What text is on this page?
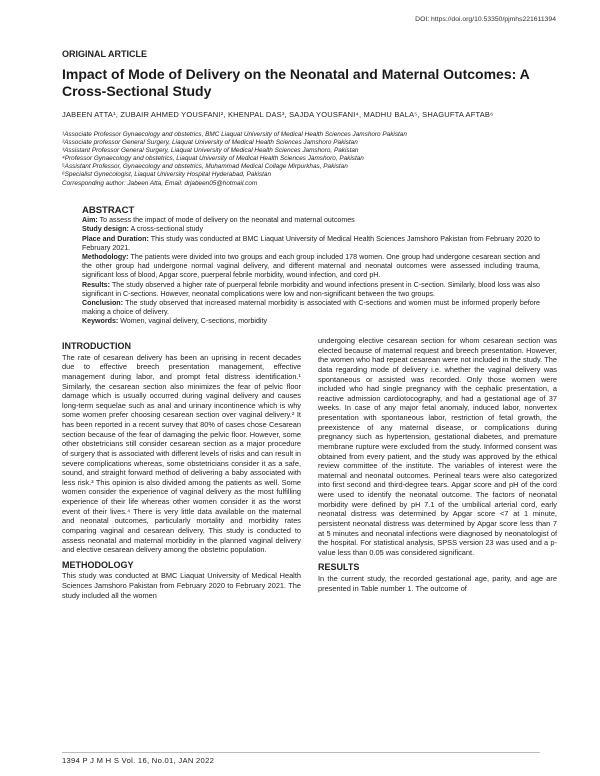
DOI: https://doi.org/10.53350/pjmhs221611394
ORIGINAL ARTICLE
Impact of Mode of Delivery on the Neonatal and Maternal Outcomes: A Cross-Sectional Study
JABEEN ATTA¹, ZUBAIR AHMED YOUSFANI², KHENPAL DAS³, SAJDA YOUSFANI⁴, MADHU BALA⁵, SHAGUFTA AFTAB⁶
¹Associate Professor Gynaecology and obstetrics, BMC Liaquat University of Medical Health Sciences Jamshoro Pakistan
²Associate professor General Surgery, Liaquat University of Medical Health Sciences Jamshoro Pakistan
³Assistant Professor General Surgery, Liaquat University of Medical Health Sciences Jamshoro, Pakistan
⁴Professor Gynaecology and obstetrics, Liaquat University of Medical Health Sciences Jamshoro, Pakistan
⁵Assistant Professor, Gynaecology and obstetrics, Muhammad Medical Collage Mirpurkhas, Pakistan
⁶Specialist Gynecologist, Liaquat University Hospital Hyderabad, Pakistan
Corresponding author: Jabeen Atta, Email: drjabeen05@hotmail.com
ABSTRACT

Aim: To assess the impact of mode of delivery on the neonatal and maternal outcomes

Study design: A cross-sectional study

Place and Duration: This study was conducted at BMC Liaquat University of Medical Health Sciences Jamshoro Pakistan from February 2020 to February 2021.

Methodology: The patients were divided into two groups and each group included 178 women. One group had undergone cesarean section and the other group had undergone normal vaginal delivery, and different maternal and neonatal outcomes were assessed including trauma, significant loss of blood, Apgar score, puerperal febrile morbidity, wound infection, and cord pH.

Results: The study observed a higher rate of puerperal febrile morbidity and wound infections present in C-section. Similarly, blood loss was also significant in C-sections. However, neonatal complications were low and non-significant between the two groups.

Conclusion: The study observed that increased maternal morbidity is associated with C-sections and women must be informed properly before making a choice of delivery.

Keywords: Women, vaginal delivery, C-sections, morbidity

INTRODUCTION

The rate of cesarean delivery has been an uprising in recent decades due to effective breech presentation management, effective management during labor, and prompt fetal distress identification.¹ Similarly, the cesarean section also minimizes the fear of pelvic floor damage which is usually occurred during vaginal delivery and causes long-term sequelae such as anal and urinary incontinence which is why some women prefer choosing cesarean section over vaginal delivery.² It has been reported in a recent survey that 80% of cases chose Cesarean section because of the fear of damaging the pelvic floor. However, some other obstetricians still consider cesarean section as a major procedure of surgery that is associated with different levels of risks and can result in severe complications whereas, some obstetricians consider it as a safe, sound, and straight forward method of delivering a baby associated with less risk.³ This opinion is also divided among the patients as well. Some women consider the experience of vaginal delivery as the most fulfilling experience of their life whereas other women consider it as the worst event of their lives.⁴ There is very little data available on the maternal and neonatal outcomes, particularly mortality and morbidity rates comparing vaginal and cesarean delivery. This study is conducted to assess neonatal and maternal morbidity in the planned vaginal delivery and elective cesarean delivery among the obstetric population.

METHODOLOGY

This study was conducted at BMC Liaquat University of Medical Health Sciences Jamshoro Pakistan from February 2020 to February 2021. The study included all the women

undergoing elective cesarean section for whom cesarean section was elected because of maternal request and breech presentation. However, the women who had repeat cesarean were not included in the study. The data regarding mode of delivery i.e. whether the vaginal delivery was spontaneous or assisted was recorded. Only those women were included who had single pregnancy with the cephalic presentation, a reactive admission cardiotocography, and had a gestational age of 37 weeks. In case of any major fetal anomaly, induced labor, nonvertex presentation with spontaneous labor, restriction of fetal growth, the preexistence of any maternal disease, or complications during pregnancy such as hypertension, gestational diabetes, and premature membrane rupture were excluded from the study. Informed consent was obtained from every patient, and the study was approved by the ethical review committee of the institute. The variables of interest were the maternal and neonatal outcomes. Perineal tears were also categorized into first second and third-degree tears. Apgar score and pH of the cord were used to identify the neonatal outcome. The factors of neonatal morbidity were defined by pH 7.1 of the umbilical arterial cord, early neonatal distress was determined by Apgar score <7 at 1 minute, persistent neonatal distress was determined by Apgar score less than 7 at 5 minutes and neonatal infections were diagnosed by neonatologist of the hospital. For statistical analysis, SPSS version 23 was used and a p-value less than 0.05 was considered significant.

RESULTS

In the current study, the recorded gestational age, parity, and age are presented in Table number 1. The outcome of

1394 P J M H S Vol. 16, No.01, JAN 2022
